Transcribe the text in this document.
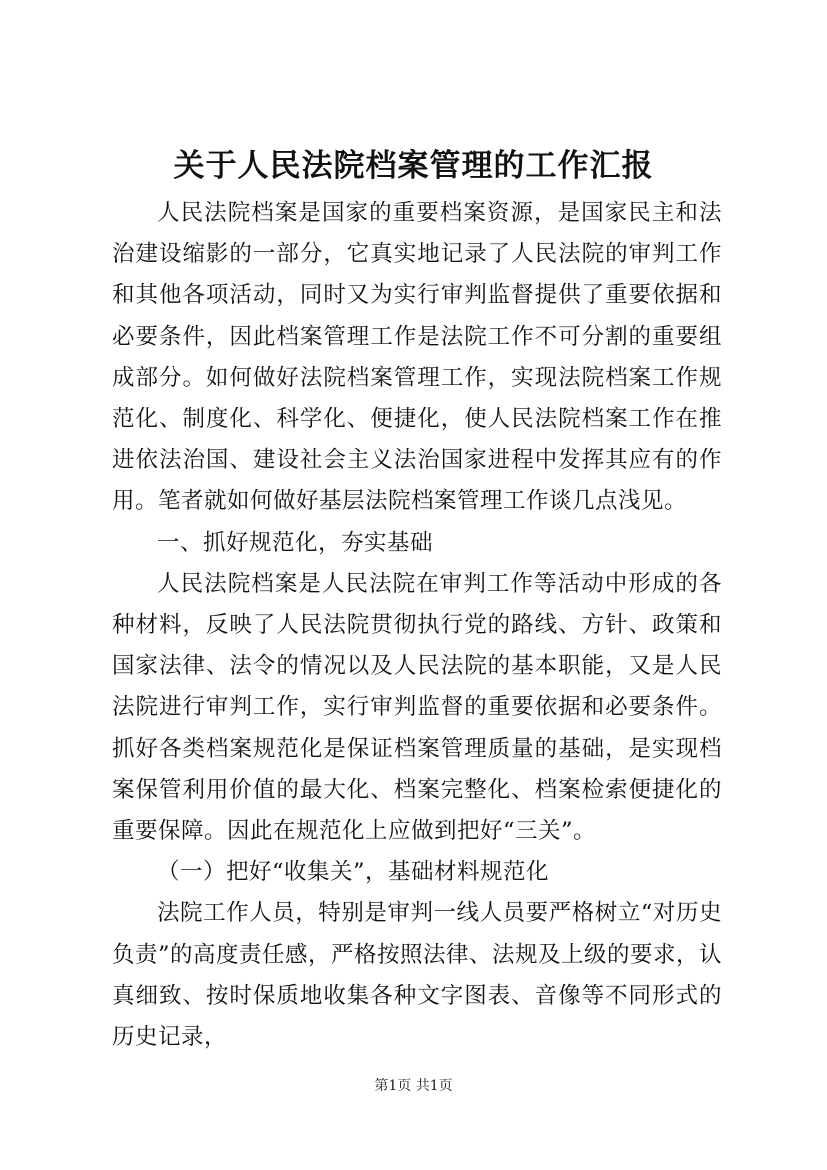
关于人民法院档案管理的工作汇报

人民法院档案是国家的重要档案资源，是国家民主和法治建设缩影的一部分，它真实地记录了人民法院的审判工作和其他各项活动，同时又为实行审判监督提供了重要依据和必要条件，因此档案管理工作是法院工作不可分割的重要组成部分。如何做好法院档案管理工作，实现法院档案工作规范化、制度化、科学化、便捷化，使人民法院档案工作在推进依法治国、建设社会主义法治国家进程中发挥其应有的作用。笔者就如何做好基层法院档案管理工作谈几点浅见。

一、抓好规范化，夯实基础

人民法院档案是人民法院在审判工作等活动中形成的各种材料，反映了人民法院贯彻执行党的路线、方针、政策和国家法律、法令的情况以及人民法院的基本职能，又是人民法院进行审判工作，实行审判监督的重要依据和必要条件。抓好各类档案规范化是保证档案管理质量的基础，是实现档案保管利用价值的最大化、档案完整化、档案检索便捷化的重要保障。因此在规范化上应做到把好“三关”。

（一）把好“收集关”，基础材料规范化

法院工作人员，特别是审判一线人员要严格树立“对历史负责”的高度责任感，严格按照法律、法规及上级的要求，认真细致、按时保质地收集各种文字图表、音像等不同形式的历史记录，

第1页 共1页
